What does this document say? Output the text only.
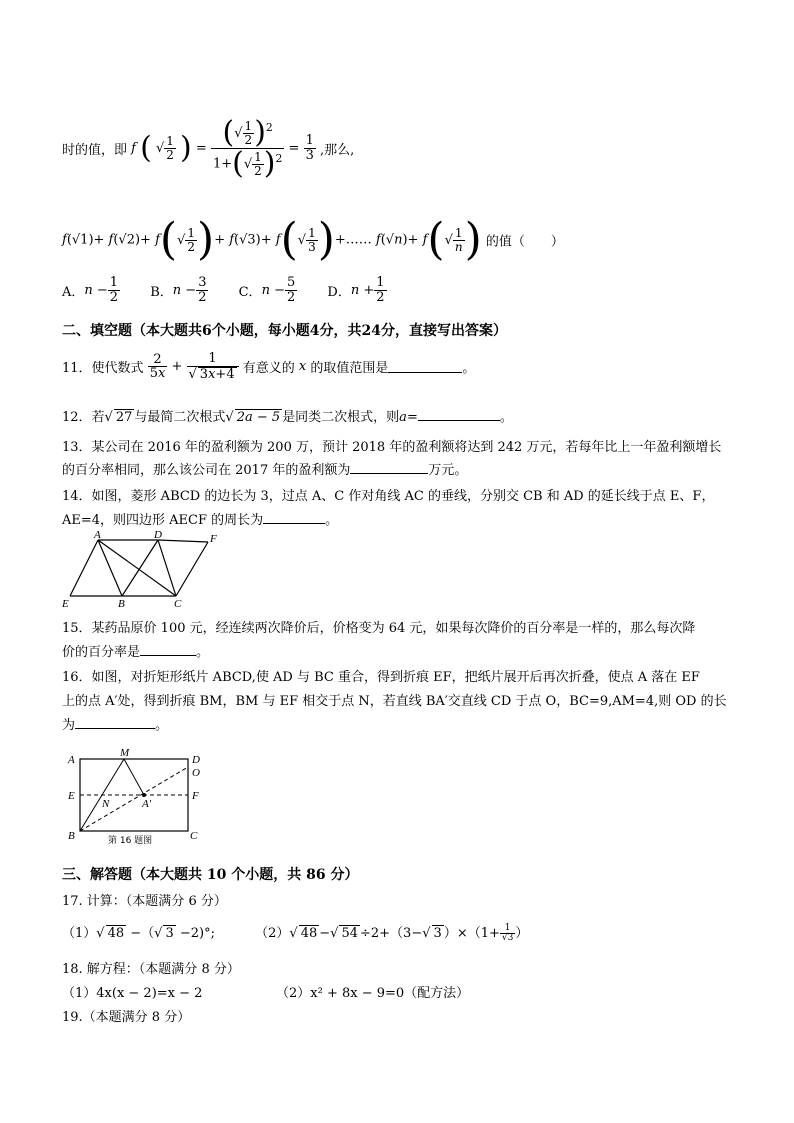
时的值，即 f ( √ $\frac{1}{2}$ ) = $\frac{(√ \frac{1}{2} )^2}{1+(√ \frac{1}{2} )^2} = \frac{1}{3}$ ,那么,
$f(√1)+ f(√2)+ f(√ \frac{1}{2}$ )+ $f(√3)+ f(√ \frac{1}{3}$ )+…… $f(√n)+ f(√ \frac{1}{n}$ ) 的值（　　）
A．$n - \frac{1}{2}$ B．$n - \frac{3}{2}$ C．$n - \frac{5}{2}$ D．$n + \frac{1}{2}$
二、填空题（本大题共6个小题，每小题4分，共24分，直接写出答案）
11．使代数式 $\frac{2}{5x} + 1$
√ 3x+4 有意义的 x 的取值范围是	。
12．若√ 27 与最简二次根式√ 2a − 5 是同类二次根式，则a=	。
13．某公司在 2016 年的盈利额为 200 万，预计 2018 年的盈利额将达到 242 万元，若每年比上一年盈利额增长
的百分率相同，那么该公司在 2017 年的盈利额为	万元。
14．如图，菱形 ABCD 的边长为 3，过点 A、C 作对角线 AC 的垂线，分别交 CB 和 AD 的延长线于点 E、F，
AE=4，则四边形 AECF 的周长为	。
A	D	F
E	B	C
15．某药品原价 100 元，经连续两次降价后，价格变为 64 元，如果每次降价的百分率是一样的，那么每次降
价的百分率是	。
16．如图，对折矩形纸片 ABCD,使 AD 与 BC 重合，得到折痕 EF，把纸片展开后再次折叠，使点 A 落在 EF
上的点 A′处，得到折痕 BM，BM 与 EF 相交于点 N，若直线 BA′交直线 CD 于点 O，BC=9,AM=4,则 OD 的长
为	。
A
M
D
O
E
N	A′
F
B	C
第 16 题图
三、解答题（本大题共 10 个小题，共 86 分）
17. 计算：（本题满分 6 分）
（1）√ 48 −（√ 3 −2)°;	（2）√ 48 −√ 54 ÷2+（3−√ 3 ）$\times(1+ \frac{1}{√3}$ ）
18. 解方程：（本题满分 8 分）
（1）4x(x − 2)=x − 2	（2）x² + 8x − 9=0（配方法）
19.（本题满分 8 分）
